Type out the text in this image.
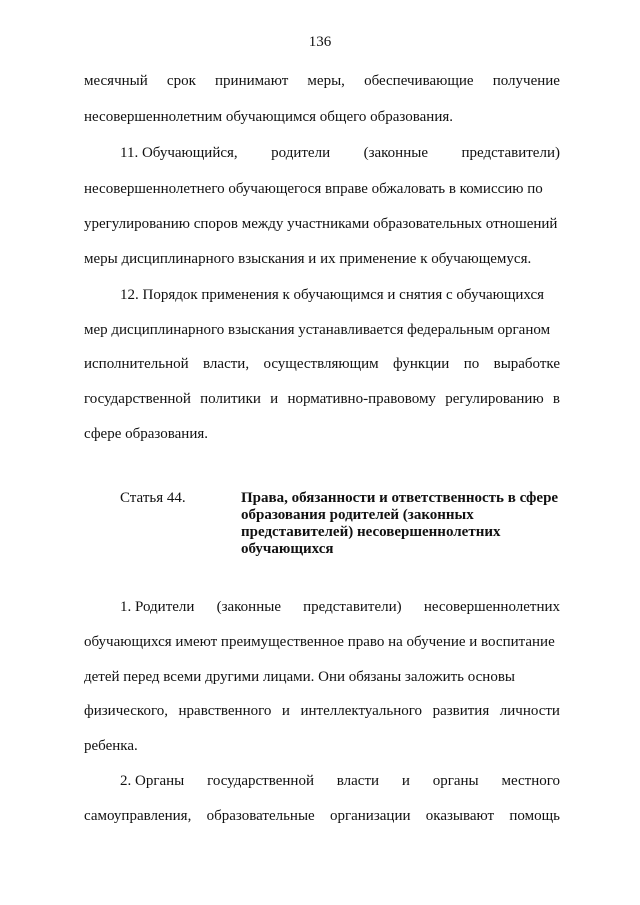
136
месячный срок принимают меры, обеспечивающие получение
несовершеннолетним обучающимся общего образования.
11. Обучающийся, родители (законные представители)
несовершеннолетнего обучающегося вправе обжаловать в комиссию по
урегулированию споров между участниками образовательных отношений
меры дисциплинарного взыскания и их применение к обучающемуся.
12. Порядок применения к обучающимся и снятия с обучающихся
мер дисциплинарного взыскания устанавливается федеральным органом
исполнительной власти, осуществляющим функции по выработке
государственной политики и нормативно-правовому регулированию в
сфере образования.
Статья 44.	Права, обязанности и ответственность в сфере
образования родителей (законных
представителей) несовершеннолетних
обучающихся
1. Родители (законные представители) несовершеннолетних
обучающихся имеют преимущественное право на обучение и воспитание
детей перед всеми другими лицами. Они обязаны заложить основы
физического, нравственного и интеллектуального развития личности
ребенка.
2. Органы государственной власти и органы местного
самоуправления, образовательные организации оказывают помощь
